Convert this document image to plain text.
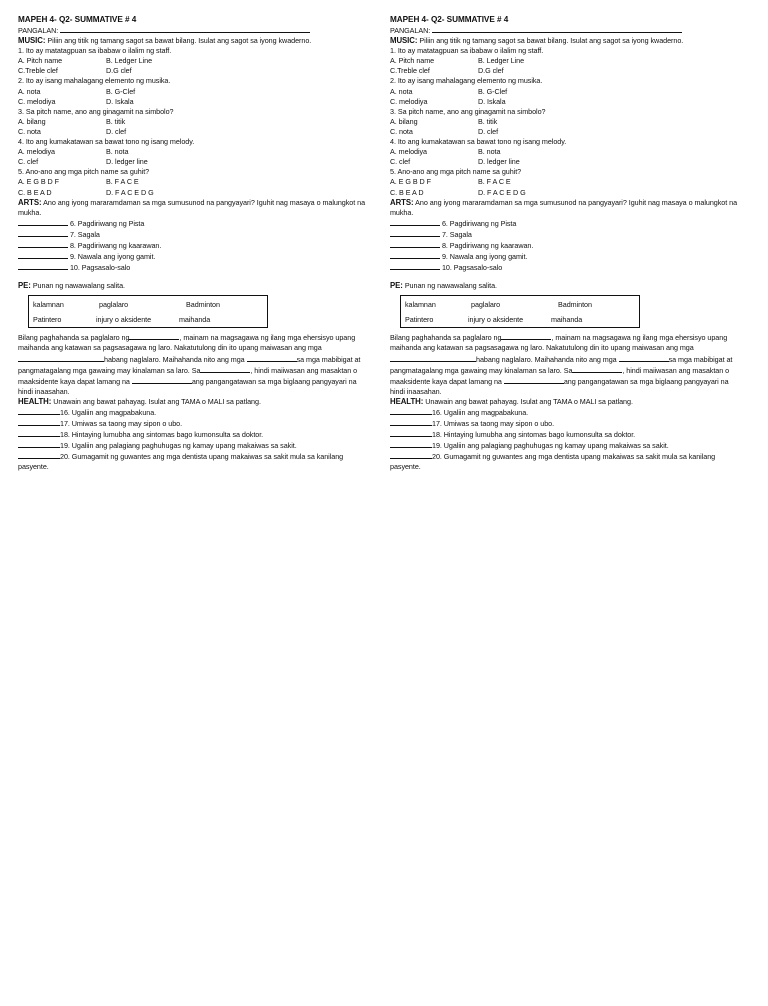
MAPEH 4- Q2- SUMMATIVE # 4
PANGALAN:
MUSIC: Piliin ang titik ng tamang sagot sa bawat bilang. Isulat ang sagot sa iyong kwaderno.
1. Ito ay matatagpuan sa ibabaw o ilalim ng staff.
A. Pitch name	B. Ledger Line
C.Treble clef	D.G clef
2. Ito ay isang mahalagang elemento ng musika.
A. nota	B. G-Clef
C. melodiya	D. Iskala
3. Sa pitch name, ano ang ginagamit na simbolo?
A. bilang	B. titik
C. nota	D. clef
4. Ito ang kumakatawan sa bawat tono ng isang melody.
A. melodiya	B. nota
C. clef	D. ledger line
5. Ano-ano ang mga pitch name sa guhit?
A. E G B D F	B. F A C E
C. B E A D	D. F A C E D G
ARTS: Ano ang iyong mararamdaman sa mga sumusunod na pangyayari? Iguhit nag masaya o malungkot na mukha.
6. Pagdiriwang ng Pista
7. Sagala
8. Pagdiriwang ng kaarawan.
9. Nawala ang iyong gamit.
10. Pagsasalo-salo
PE: Punan ng nawawalang salita.
kalamnan	paglalaro	Badminton
Patintero	injury o aksidente	maihanda
Bilang paghahanda sa paglalaro ng	, mainam na magsagawa ng ilang mga ehersisyo upang maihanda ang katawan sa pagsasagawa ng laro. Nakatutulong din ito upang maiwasan ang mga habang naglalaro. Maihahanda nito ang mga	sa mga mabibigat at pangmatagalang mga gawaing may kinalaman sa laro. Sa	, hindi maiiwasan ang masaktan o maaksidente kaya dapat lamang na	ang pangangatawan sa mga biglaang pangyayari na hindi inaasahan.
HEALTH: Unawain ang bawat pahayag. Isulat ang TAMA o MALI sa patlang.
16. Ugaliin ang magpabakuna.
17. Umiwas sa taong may sipon o ubo.
18. Hintaying lumubha ang sintomas bago kumonsulta sa doktor.
19. Ugaliin ang palagiang paghuhugas ng kamay upang makaiwas sa sakit.
20. Gumagamit ng guwantes ang mga dentista upang makaiwas sa sakit mula sa kanilang pasyente.
MAPEH 4- Q2- SUMMATIVE # 4
PANGALAN:
MUSIC: Piliin ang titik ng tamang sagot sa bawat bilang. Isulat ang sagot sa iyong kwaderno.
1. Ito ay matatagpuan sa ibabaw o ilalim ng staff.
A. Pitch name	B. Ledger Line
C.Treble clef	D.G clef
2. Ito ay isang mahalagang elemento ng musika.
A. nota	B. G-Clef
C. melodiya	D. Iskala
3. Sa pitch name, ano ang ginagamit na simbolo?
A. bilang	B. titik
C. nota	D. clef
4. Ito ang kumakatawan sa bawat tono ng isang melody.
A. melodiya	B. nota
C. clef	D. ledger line
5. Ano-ano ang mga pitch name sa guhit?
A. E G B D F	B. F A C E
C. B E A D	D. F A C E D G
ARTS: Ano ang iyong mararamdaman sa mga sumusunod na pangyayari? Iguhit nag masaya o malungkot na mukha.
6. Pagdiriwang ng Pista
7. Sagala
8. Pagdiriwang ng kaarawan.
9. Nawala ang iyong gamit.
10. Pagsasalo-salo
PE: Punan ng nawawalang salita.
kalamnan	paglalaro	Badminton
Patintero	injury o aksidente	maihanda
Bilang paghahanda sa paglalaro ng	, mainam na magsagawa ng ilang mga ehersisyo upang maihanda ang katawan sa pagsasagawa ng laro. Nakatutulong din ito upang maiwasan ang mga habang naglalaro. Maihahanda nito ang mga	sa mga mabibigat at pangmatagalang mga gawaing may kinalaman sa laro. Sa	, hindi maiiwasan ang masaktan o maaksidente kaya dapat lamang na	ang pangangatawan sa mga biglaang pangyayari na hindi inaasahan.
HEALTH: Unawain ang bawat pahayag. Isulat ang TAMA o MALI sa patlang.
16. Ugaliin ang magpabakuna.
17. Umiwas sa taong may sipon o ubo.
18. Hintaying lumubha ang sintomas bago kumonsulta sa doktor.
19. Ugaliin ang palagiang paghuhugas ng kamay upang makaiwas sa sakit.
20. Gumagamit ng guwantes ang mga dentista upang makaiwas sa sakit mula sa kanilang pasyente.
